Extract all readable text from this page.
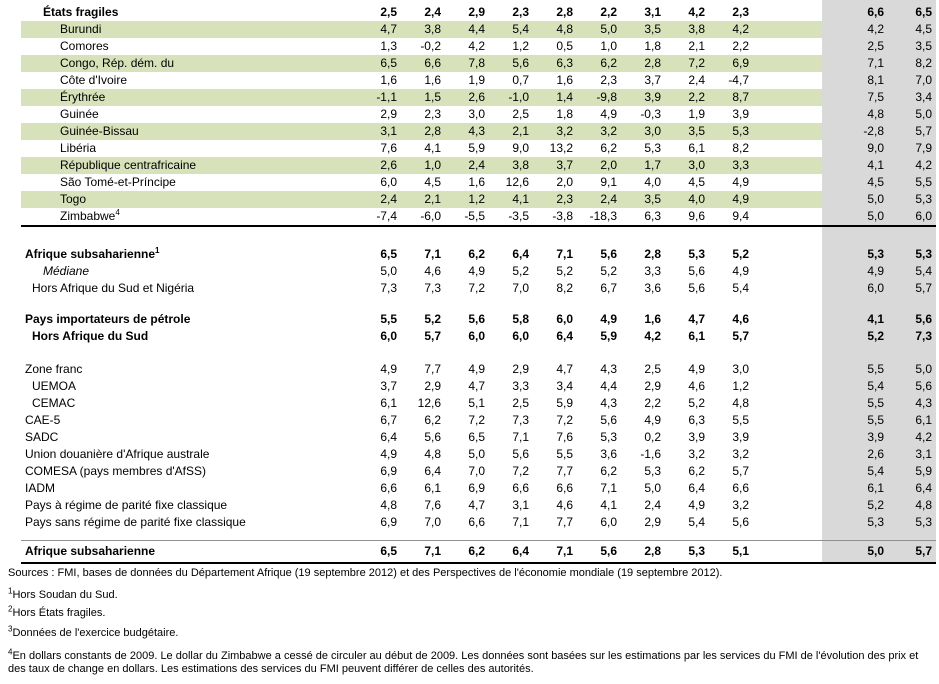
États fragiles	2,5	2,4	2,9	2,3	2,8	2,2	3,1	4,2	2,3	6,6	6,5
Burundi	4,7	3,8	4,4	5,4	4,8	5,0	3,5	3,8	4,2	4,2	4,5
Comores	1,3	-0,2	4,2	1,2	0,5	1,0	1,8	2,1	2,2	2,5	3,5
Congo, Rép. dém. du	6,5	6,6	7,8	5,6	6,3	6,2	2,8	7,2	6,9	7,1	8,2
Côte d'Ivoire	1,6	1,6	1,9	0,7	1,6	2,3	3,7	2,4	-4,7	8,1	7,0
Érythrée	-1,1	1,5	2,6	-1,0	1,4	-9,8	3,9	2,2	8,7	7,5	3,4
Guinée	2,9	2,3	3,0	2,5	1,8	4,9	-0,3	1,9	3,9	4,8	5,0
Guinée-Bissau	3,1	2,8	4,3	2,1	3,2	3,2	3,0	3,5	5,3	-2,8	5,7
Libéria	7,6	4,1	5,9	9,0	13,2	6,2	5,3	6,1	8,2	9,0	7,9
République centrafricaine	2,6	1,0	2,4	3,8	3,7	2,0	1,7	3,0	3,3	4,1	4,2
São Tomé-et-Príncipe	6,0	4,5	1,6	12,6	2,0	9,1	4,0	4,5	4,9	4,5	5,5
Togo	2,4	2,1	1,2	4,1	2,3	2,4	3,5	4,0	4,9	5,0	5,3
Zimbabwe$^4$	-7,4	-6,0	-5,5	-3,5	-3,8	-18,3	6,3	9,6	9,4	5,0	6,0
Afrique subsaharienne$^1$	6,5	7,1	6,2	6,4	7,1	5,6	2,8	5,3	5,2	5,3	5,3
Médiane	5,0	4,6	4,9	5,2	5,2	5,2	3,3	5,6	4,9	4,9	5,4
Hors Afrique du Sud et Nigéria	7,3	7,3	7,2	7,0	8,2	6,7	3,6	5,6	5,4	6,0	5,7
Pays importateurs de pétrole	5,5	5,2	5,6	5,8	6,0	4,9	1,6	4,7	4,6	4,1	5,6
Hors Afrique du Sud	6,0	5,7	6,0	6,0	6,4	5,9	4,2	6,1	5,7	5,2	7,3
Zone franc	4,9	7,7	4,9	2,9	4,7	4,3	2,5	4,9	3,0	5,5	5,0
UEMOA	3,7	2,9	4,7	3,3	3,4	4,4	2,9	4,6	1,2	5,4	5,6
CEMAC	6,1	12,6	5,1	2,5	5,9	4,3	2,2	5,2	4,8	5,5	4,3
CAE-5	6,7	6,2	7,2	7,3	7,2	5,6	4,9	6,3	5,5	5,5	6,1
SADC	6,4	5,6	6,5	7,1	7,6	5,3	0,2	3,9	3,9	3,9	4,2
Union douanière d'Afrique australe	4,9	4,8	5,0	5,6	5,5	3,6	-1,6	3,2	3,2	2,6	3,1
COMESA (pays membres d'AfSS)	6,9	6,4	7,0	7,2	7,7	6,2	5,3	6,2	5,7	5,4	5,9
IADM	6,6	6,1	6,9	6,6	6,6	7,1	5,0	6,4	6,6	6,1	6,4
Pays à régime de parité fixe classique	4,8	7,6	4,7	3,1	4,6	4,1	2,4	4,9	3,2	5,2	4,8
Pays sans régime de parité fixe classique	6,9	7,0	6,6	7,1	7,7	6,0	2,9	5,4	5,6	5,3	5,3
Afrique subsaharienne	6,5	7,1	6,2	6,4	7,1	5,6	2,8	5,3	5,1	5,0	5,7
Sources : FMI, bases de données du Département Afrique (19 septembre 2012) et des Perspectives de l'économie mondiale (19 septembre 2012).
$^1$Hors Soudan du Sud.
$^2$Hors États fragiles.
$^3$Données de l'exercice budgétaire.
$^4$En dollars constants de 2009. Le dollar du Zimbabwe a cessé de circuler au début de 2009. Les données sont basées sur les estimations par les services du FMI de l'évolution des prix et des taux de change en dollars. Les estimations des services du FMI peuvent différer de celles des autorités.
